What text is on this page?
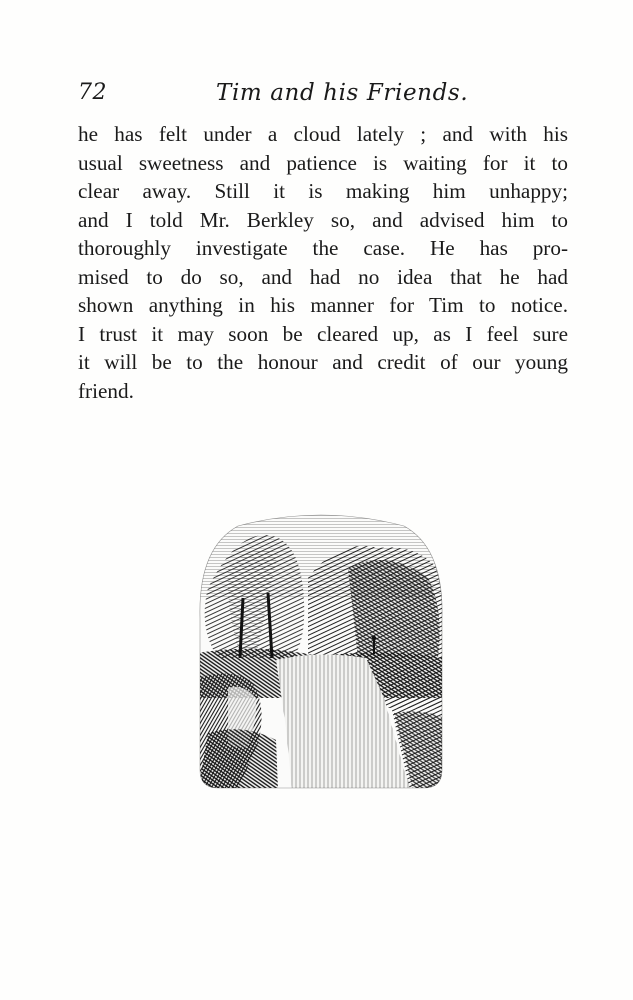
72	Tim and his Friends.
he has felt under a cloud lately ; and with his
usual sweetness and patience is waiting for it to
clear away. Still it is making him unhappy;
and I told Mr. Berkley so, and advised him to
thoroughly investigate the case. He has pro-
mised to do so, and had no idea that he had
shown anything in his manner for Tim to notice.
I trust it may soon be cleared up, as I feel sure
it will be to the honour and credit of our young
friend.
